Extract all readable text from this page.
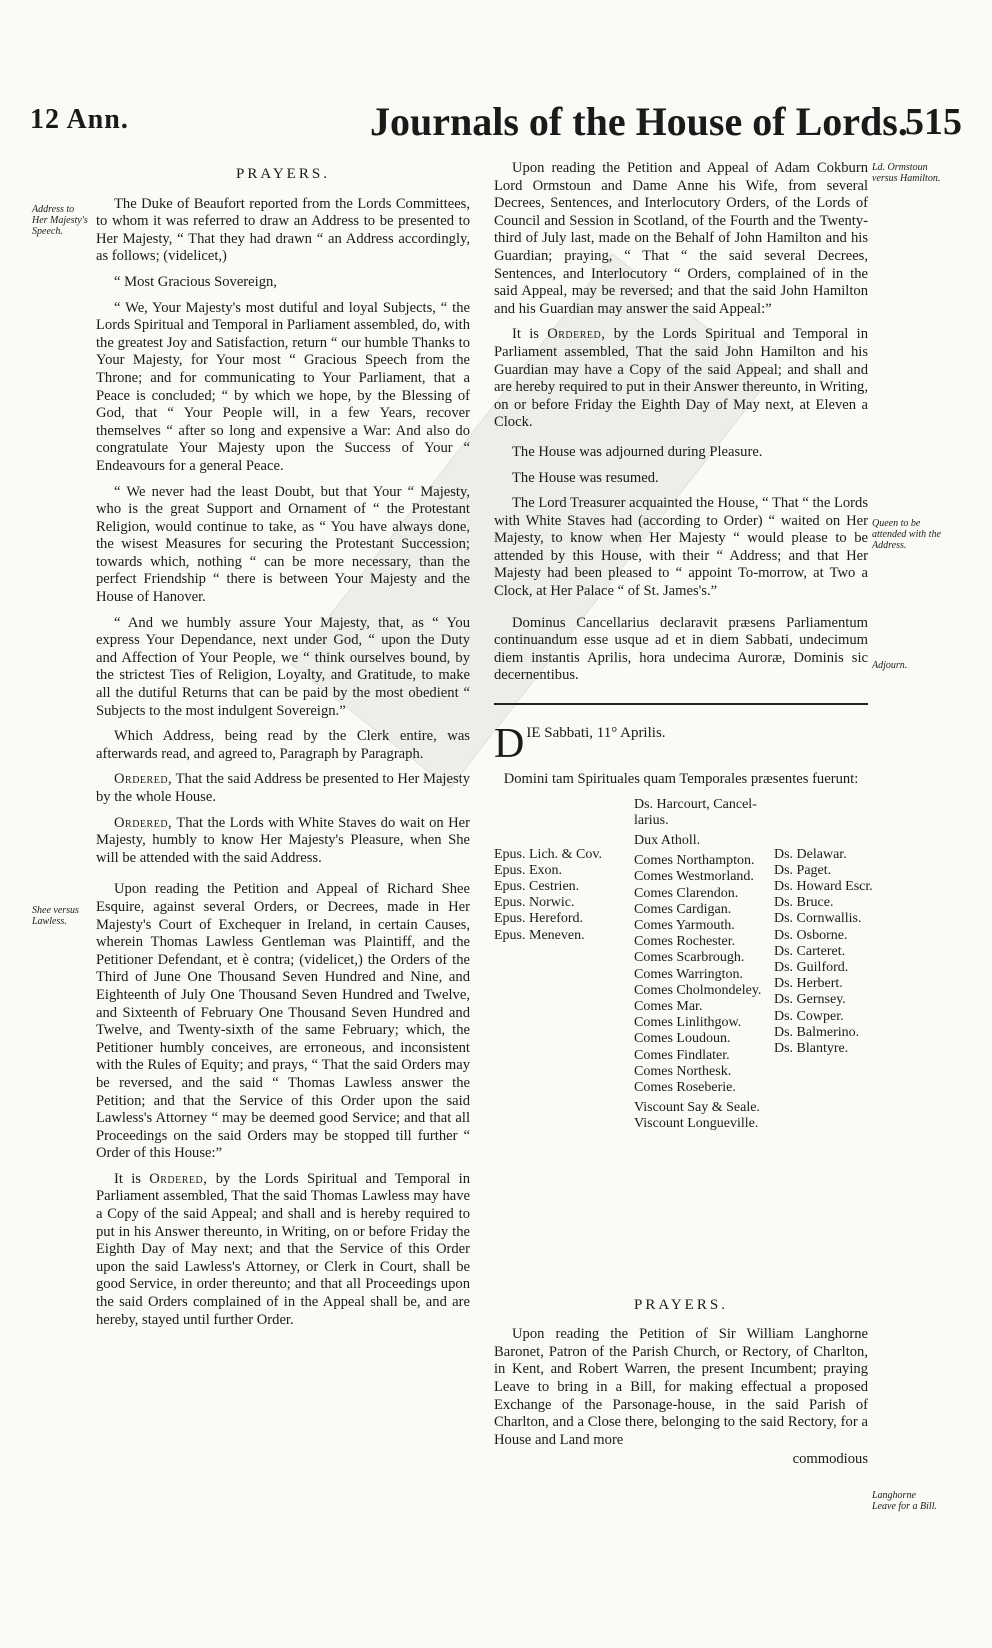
12 Ann.	Journals of the House of Lords.
515
Address to Her Majesty's Speech.
Shee versus Lawless.
Ld. Ormstoun versus Hamilton.
Queen to be attended with the Address.
Adjourn.
Langhorne Leave for a Bill.
PRAYERS.

The Duke of Beaufort reported from the Lords Committees, to whom it was referred to draw an Address to be presented to Her Majesty, “ That they had drawn “ an Address accordingly, as follows; (videlicet,)

“ Most Gracious Sovereign,

“ We, Your Majesty's most dutiful and loyal Subjects, “ the Lords Spiritual and Temporal in Parliament assembled, do, with the greatest Joy and Satisfaction, return “ our humble Thanks to Your Majesty, for Your most “ Gracious Speech from the Throne; and for communicating to Your Parliament, that a Peace is concluded; “ by which we hope, by the Blessing of God, that “ Your People will, in a few Years, recover themselves “ after so long and expensive a War: And also do congratulate Your Majesty upon the Success of Your “ Endeavours for a general Peace.

“ We never had the least Doubt, but that Your “ Majesty, who is the great Support and Ornament of “ the Protestant Religion, would continue to take, as “ You have always done, the wisest Measures for securing the Protestant Succession; towards which, nothing “ can be more necessary, than the perfect Friendship “ there is between Your Majesty and the House of Hanover.

“ And we humbly assure Your Majesty, that, as “ You express Your Dependance, next under God, “ upon the Duty and Affection of Your People, we “ think ourselves bound, by the strictest Ties of Religion, Loyalty, and Gratitude, to make all the dutiful Returns that can be paid by the most obedient “ Subjects to the most indulgent Sovereign.”

Which Address, being read by the Clerk entire, was afterwards read, and agreed to, Paragraph by Paragraph.

Ordered, That the said Address be presented to Her Majesty by the whole House.

Ordered, That the Lords with White Staves do wait on Her Majesty, humbly to know Her Majesty's Pleasure, when She will be attended with the said Address.

Upon reading the Petition and Appeal of Richard Shee Esquire, against several Orders, or Decrees, made in Her Majesty's Court of Exchequer in Ireland, in certain Causes, wherein Thomas Lawless Gentleman was Plaintiff, and the Petitioner Defendant, et è contra; (videlicet,) the Orders of the Third of June One Thousand Seven Hundred and Nine, and Eighteenth of July One Thousand Seven Hundred and Twelve, and Sixteenth of February One Thousand Seven Hundred and Twelve, and Twenty-sixth of the same February; which, the Petitioner humbly conceives, are erroneous, and inconsistent with the Rules of Equity; and prays, “ That the said Orders may be reversed, and the said “ Thomas Lawless answer the Petition; and that the Service of this Order upon the said Lawless's Attorney “ may be deemed good Service; and that all Proceedings on the said Orders may be stopped till further “ Order of this House:”

It is Ordered, by the Lords Spiritual and Temporal in Parliament assembled, That the said Thomas Lawless may have a Copy of the said Appeal; and shall and is hereby required to put in his Answer thereunto, in Writing, on or before Friday the Eighth Day of May next; and that the Service of this Order upon the said Lawless's Attorney, or Clerk in Court, shall be good Service, in order thereunto; and that all Proceedings upon the said Orders complained of in the Appeal shall be, and are hereby, stayed until further Order.

Upon reading the Petition and Appeal of Adam Cokburn Lord Ormstoun and Dame Anne his Wife, from several Decrees, Sentences, and Interlocutory Orders, of the Lords of Council and Session in Scotland, of the Fourth and the Twenty-third of July last, made on the Behalf of John Hamilton and his Guardian; praying, “ That “ the said several Decrees, Sentences, and Interlocutory “ Orders, complained of in the said Appeal, may be reversed; and that the said John Hamilton and his Guardian may answer the said Appeal:”

It is Ordered, by the Lords Spiritual and Temporal in Parliament assembled, That the said John Hamilton and his Guardian may have a Copy of the said Appeal; and shall and are hereby required to put in their Answer thereunto, in Writing, on or before Friday the Eighth Day of May next, at Eleven a Clock.

The House was adjourned during Pleasure.

The House was resumed.

The Lord Treasurer acquainted the House, “ That “ the Lords with White Staves had (according to Order) “ waited on Her Majesty, to know when Her Majesty “ would please to be attended by this House, with their “ Address; and that Her Majesty had been pleased to “ appoint To-morrow, at Two a Clock, at Her Palace “ of St. James's.”

Dominus Cancellarius declaravit præsens Parliamentum continuandum esse usque ad et in diem Sabbati, undecimum diem instantis Aprilis, hora undecima Auroræ, Dominis sic decernentibus.

D IE Sabbati, 11° Aprilis.
Domini tam Spirituales quam Temporales præsentes fuerunt:
Epus. Lich. & Cov.
Epus. Exon.
Epus. Cestrien.
Epus. Norwic.
Epus. Hereford.
Epus. Meneven.
Ds. Harcourt, Cancel-
larius.

Dux Atholl.

Comes Northampton.
Comes Westmorland.
Comes Clarendon.
Comes Cardigan.
Comes Yarmouth.
Comes Rochester.
Comes Scarbrough.
Comes Warrington.
Comes Cholmondeley.
Comes Mar.
Comes Linlithgow.
Comes Loudoun.
Comes Findlater.
Comes Northesk.
Comes Roseberie.

Viscount Say & Seale.
Viscount Longueville.
Ds. Delawar.
Ds. Paget.
Ds. Howard Escr.
Ds. Bruce.
Ds. Cornwallis.
Ds. Osborne.
Ds. Carteret.
Ds. Guilford.
Ds. Herbert.
Ds. Gernsey.
Ds. Cowper.
Ds. Balmerino.
Ds. Blantyre.
PRAYERS.

Upon reading the Petition of Sir William Langhorne Baronet, Patron of the Parish Church, or Rectory, of Charlton, in Kent, and Robert Warren, the present Incumbent; praying Leave to bring in a Bill, for making effectual a proposed Exchange of the Parsonage-house, in the said Parish of Charlton, and a Close there, belonging to the said Rectory, for a House and Land more

commodious
